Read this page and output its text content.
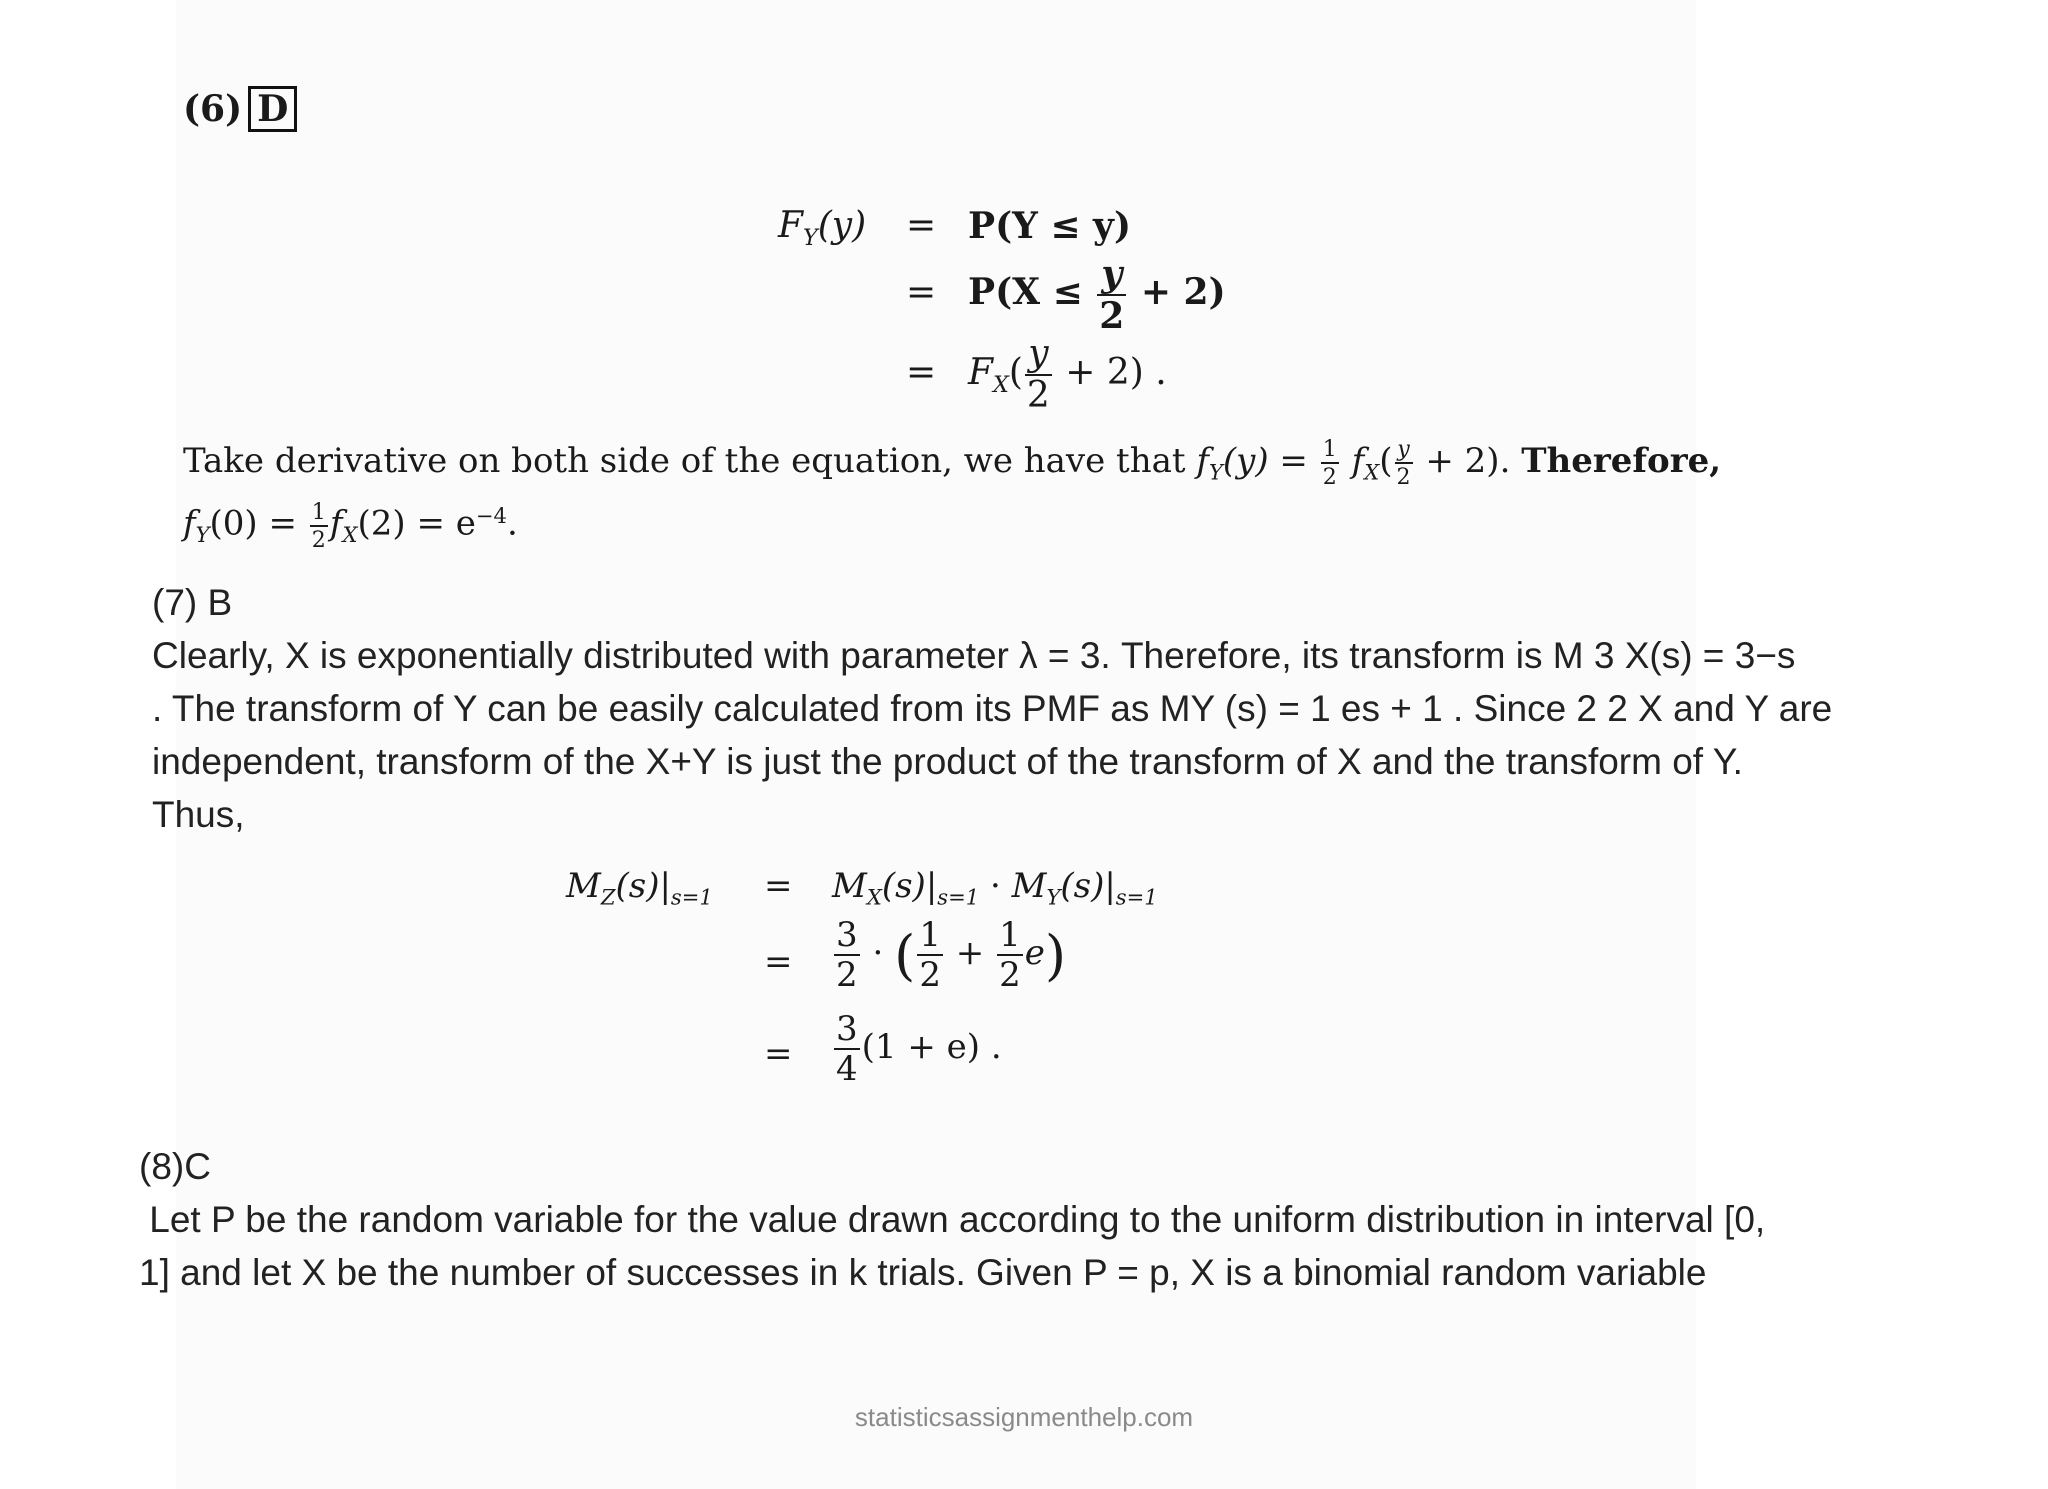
(6) D
$F_Y(y) = P(Y \le y)$
= $P(X \le \frac{y}{2} + 2)$
= $F_X( \frac{y}{2} + 2)$ .
Take derivative on both side of the equation, we have that $f_Y(y) = \frac{1}{2} f_X( \frac{y}{2} + 2)$. Therefore,
$f_Y(0) = \frac{1}{2} f_X(2) = e^{-4}$.
(7) B
Clearly, X is exponentially distributed with parameter λ = 3. Therefore, its transform is M 3 X(s) = 3−s
. The transform of Y can be easily calculated from its PMF as MY (s) = 1 es + 1 . Since 2 2 X and Y are
independent, transform of the X+Y is just the product of the transform of X and the transform of Y.
Thus,
$M_Z(s)|_{s=1} = M_X(s)|_{s=1} \cdot M_Y(s)|_{s=1}$
= $\frac{3}{2}$ · ( $\frac{1}{2} + \frac{1}{2} e$)
= $\frac{3}{4} (1 + e)$ .
(8)C
Let P be the random variable for the value drawn according to the uniform distribution in interval [0,
1] and let X be the number of successes in k trials. Given P = p, X is a binomial random variable
statisticsassignmenthelp.com
